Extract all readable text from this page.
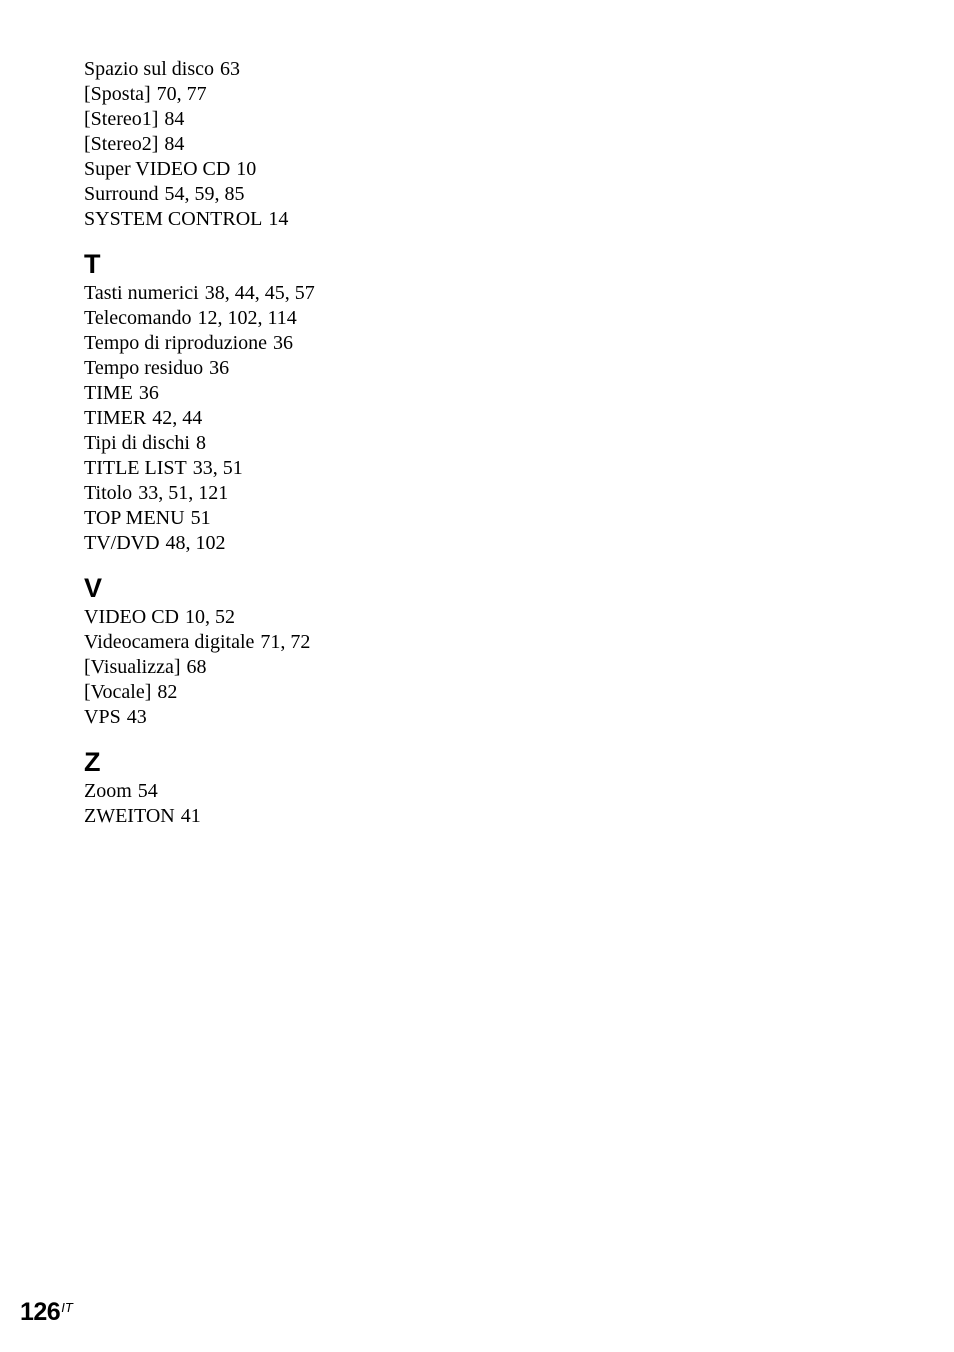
Spazio sul disco 63
[Sposta] 70, 77
[Stereo1] 84
[Stereo2] 84
Super VIDEO CD 10
Surround 54, 59, 85
SYSTEM CONTROL 14
T
Tasti numerici 38, 44, 45, 57
Telecomando 12, 102, 114
Tempo di riproduzione 36
Tempo residuo 36
TIME 36
TIMER 42, 44
Tipi di dischi 8
TITLE LIST 33, 51
Titolo 33, 51, 121
TOP MENU 51
TV/DVD 48, 102
V
VIDEO CD 10, 52
Videocamera digitale 71, 72
[Visualizza] 68
[Vocale] 82
VPS 43
Z
Zoom 54
ZWEITON 41
$126^{IT}$
